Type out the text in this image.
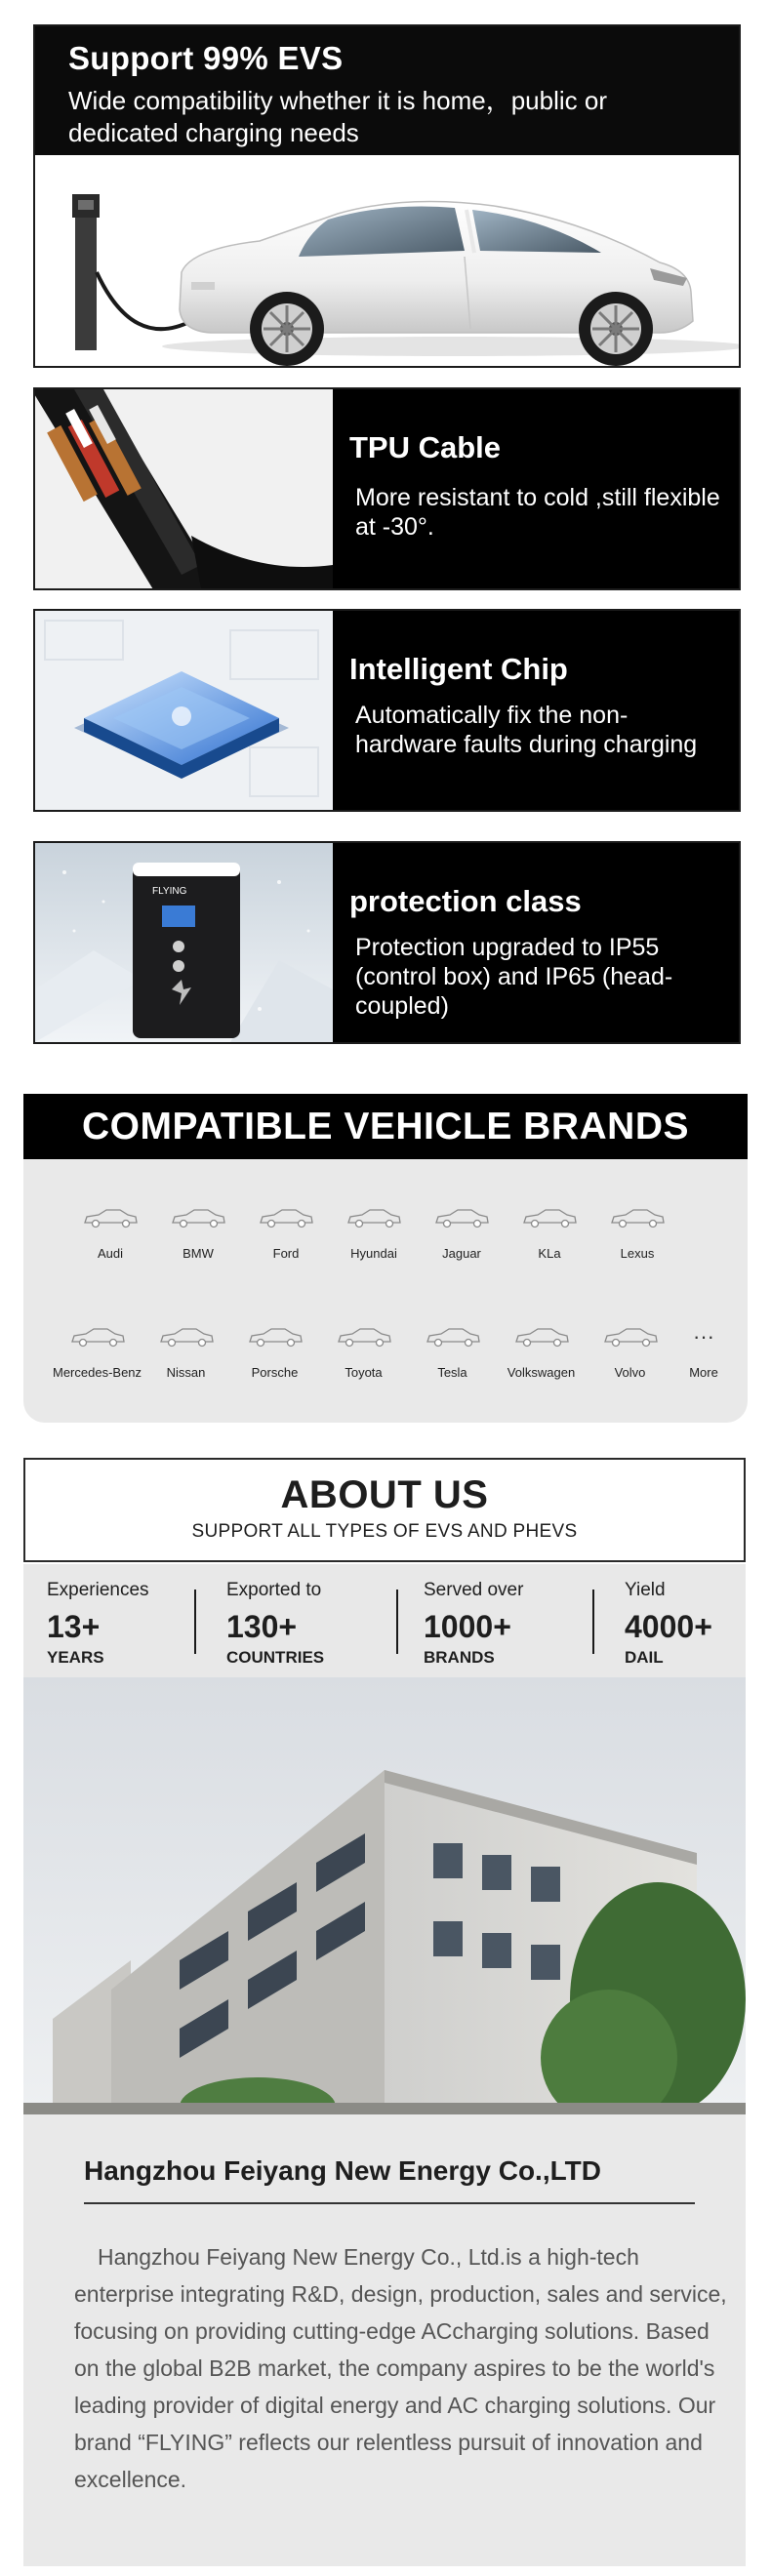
Support 99% EVS
Wide compatibility whether it is home，public or dedicated charging needs
TPU Cable
More resistant to cold ,still flexible at -30°.
Intelligent Chip
Automatically fix the non-hardware faults during charging
FLYING	protection class
Protection upgraded to IP55 (control box) and IP65 (head-coupled)
COMPATIBLE VEHICLE BRANDS
Audi	BMW	Ford	Hyundai	Jaguar	KLa	Lexus
Mercedes-Benz Nissan	Porsche	Toyota	Tesla	Volkswagen	Volvo
···
More
ABOUT US
SUPPORT ALL TYPES OF EVS AND PHEVS
Experiences
13+
YEARS
Exported to
130+
COUNTRIES
Served over
1000+
BRANDS
Yield
4000+
DAIL
Hangzhou Feiyang New Energy Co.,LTD
Hangzhou Feiyang New Energy Co., Ltd.is a high-tech enterprise integrating R&D, design, production, sales and service, focusing on providing cutting-edge ACcharging solutions. Based on the global B2B market, the company aspires to be the world's leading provider of digital energy and AC charging solutions. Our brand “FLYING” reflects our relentless pursuit of innovation and excellence.
